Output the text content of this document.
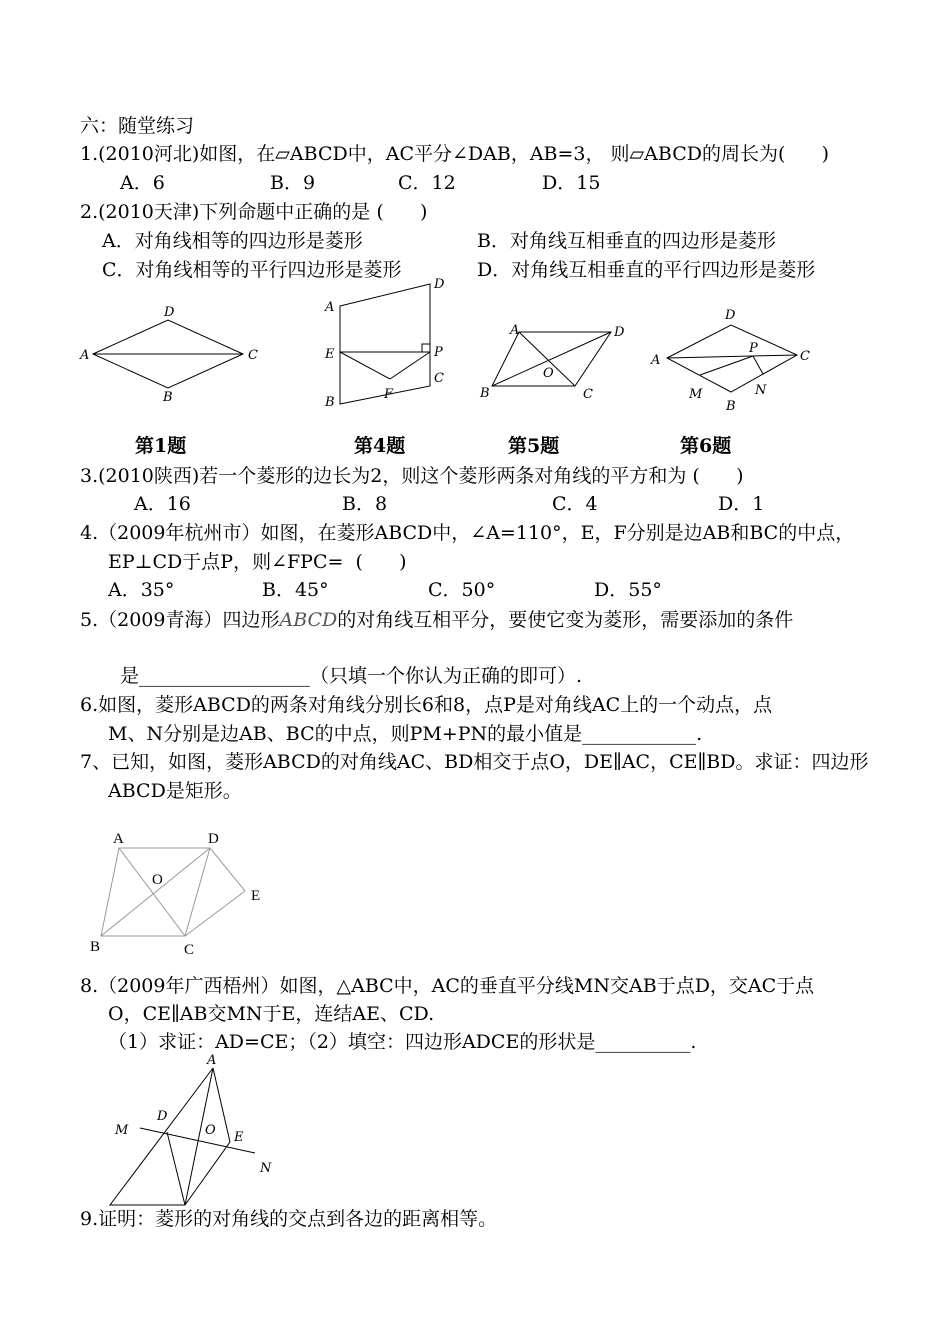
六：随堂练习
1.(2010河北)如图，在▱ABCD中，AC平分∠DAB，AB=3， 则▱ABCD的周长为(      )
A．6	B．9	C．12	D．15
2.(2010天津)下列命题中正确的是 (      )
A．对角线相等的四边形是菱形	B．对角线互相垂直的四边形是菱形
C．对角线相等的平行四边形是菱形	D．对角线互相垂直的平行四边形是菱形
A
B
C
D	A
B
C
D
E
F
P
A
B	C
D
O
A
B
C
D
M	N
P
第1题	第4题	第5题	第6题
3.(2010陕西)若一个菱形的边长为2，则这个菱形两条对角线的平方和为 (      )
A．16	B．8	C．4	D．1
4.（2009年杭州市）如图，在菱形ABCD中，∠A=110°，E，F分别是边AB和BC的中点，
EP⊥CD于点P，则∠FPC=  (      )
A．35°	B．45°	C．50°	D．55°
5.（2009青海）四边形ABCD的对角线互相平分，要使它变为菱形，需要添加的条件
是__________________（只填一个你认为正确的即可）.
6.如图，菱形ABCD的两条对角线分别长6和8，点P是对角线AC上的一个动点，点
M、N分别是边AB、BC的中点，则PM+PN的最小值是____________.
7、已知，如图，菱形ABCD的对角线AC、BD相交于点O，DE∥AC，CE∥BD。求证：四边形
ABCD是矩形。
A
B	C
D
E
O
8.（2009年广西梧州）如图，△ABC中，AC的垂直平分线MN交AB于点D，交AC于点
O，CE∥AB交MN于E，连结AE、CD.
（1）求证：AD=CE；（2）填空：四边形ADCE的形状是__________.
A
D
E
M
N
O
9.证明：菱形的对角线的交点到各边的距离相等。
